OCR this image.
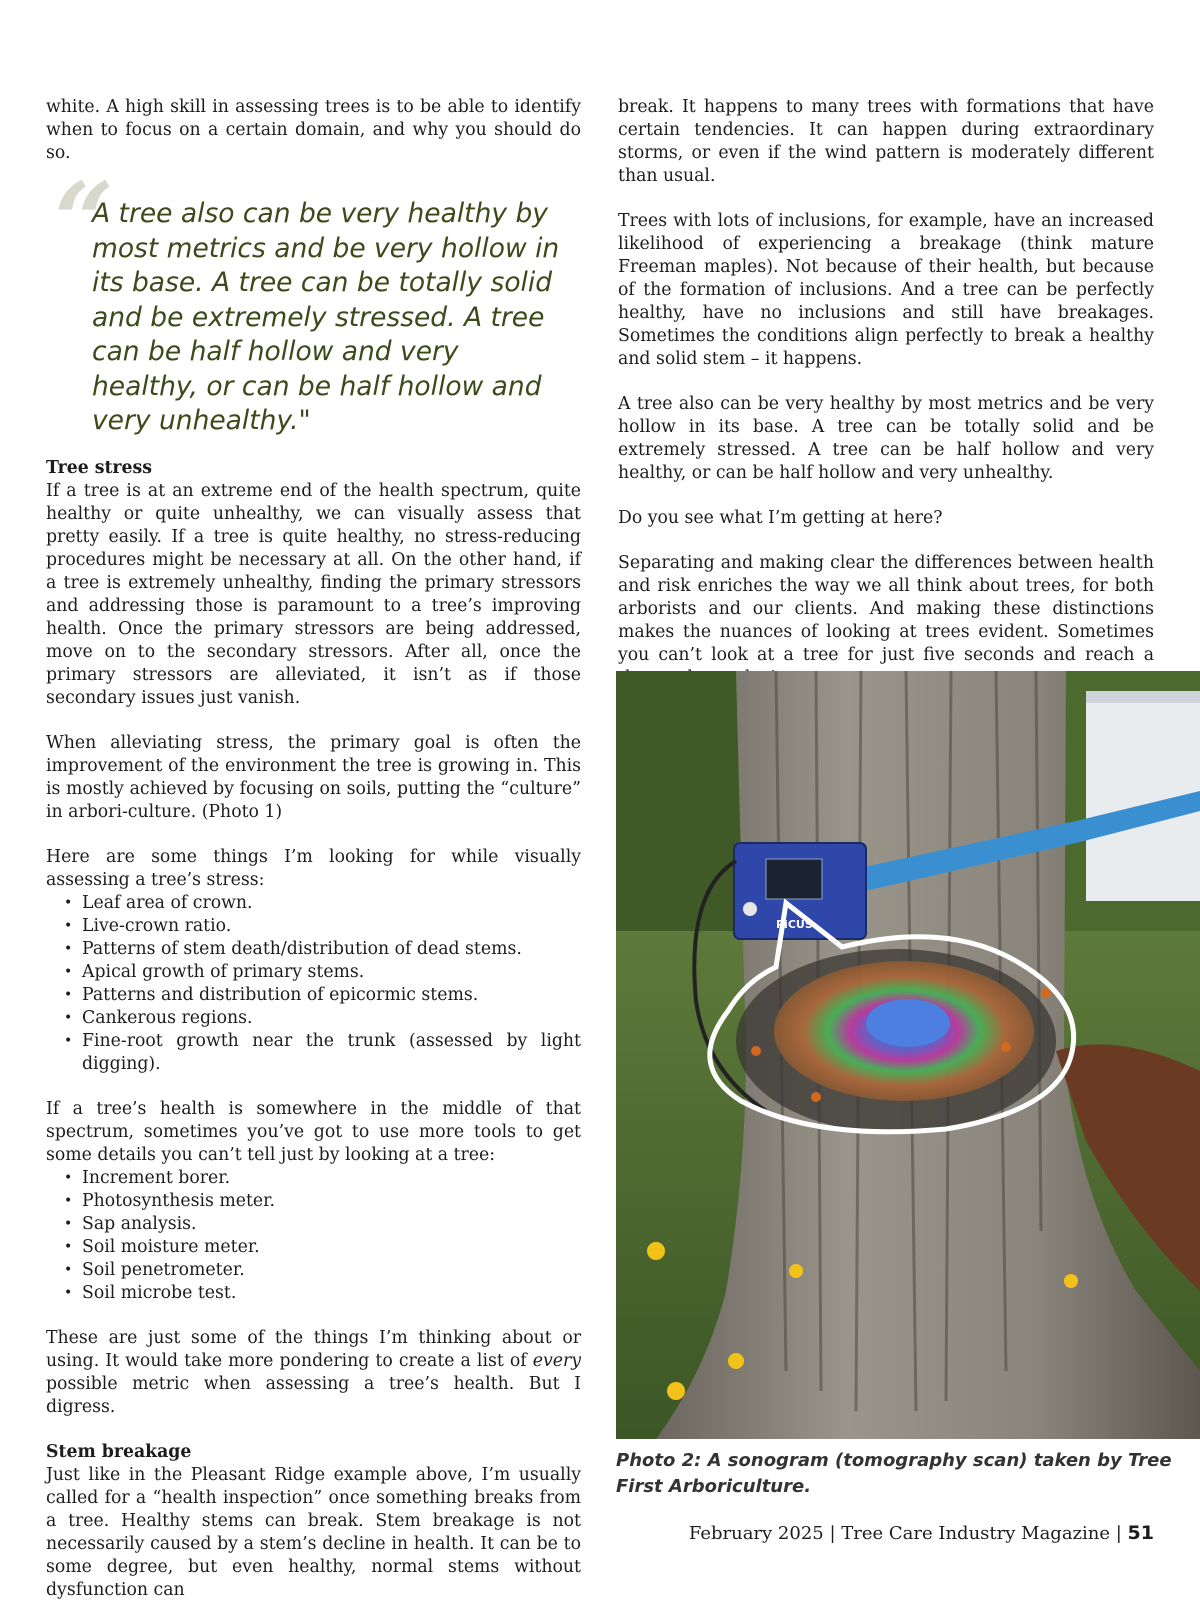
white. A high skill in assessing trees is to be able to identify when to focus on a certain domain, and why you should do so.

“
A tree also can be very healthy by most metrics and be very hollow in its base. A tree can be totally solid and be extremely stressed. A tree can be half hollow and very healthy, or can be half hollow and very unhealthy."

Tree stress
If a tree is at an extreme end of the health spectrum, quite healthy or quite unhealthy, we can visually assess that pretty easily. If a tree is quite healthy, no stress-reducing procedures might be necessary at all. On the other hand, if a tree is extremely unhealthy, finding the primary stressors and addressing those is paramount to a tree’s improving health. Once the primary stressors are being addressed, move on to the secondary stressors. After all, once the primary stressors are alleviated, it isn’t as if those secondary issues just vanish.

When alleviating stress, the primary goal is often the improvement of the environment the tree is growing in. This is mostly achieved by focusing on soils, putting the “culture” in arbori-culture. (Photo 1)

Here are some things I’m looking for while visually assessing a tree’s stress:

• Leaf area of crown.
• Live-crown ratio.
• Patterns of stem death/distribution of dead stems.
• Apical growth of primary stems.
• Patterns and distribution of epicormic stems.
• Cankerous regions.
• Fine-root growth near the trunk (assessed by light digging).

If a tree’s health is somewhere in the middle of that spectrum, sometimes you’ve got to use more tools to get some details you can’t tell just by looking at a tree:

• Increment borer.
• Photosynthesis meter.
• Sap analysis.
• Soil moisture meter.
• Soil penetrometer.
• Soil microbe test.

These are just some of the things I’m thinking about or using. It would take more pondering to create a list of every possible metric when assessing a tree’s health. But I digress.

Stem breakage
Just like in the Pleasant Ridge example above, I’m usually called for a “health inspection” once something breaks from a tree. Healthy stems can break. Stem breakage is not necessarily caused by a stem’s decline in health. It can be to some degree, but even healthy, normal stems without dysfunction can

break. It happens to many trees with formations that have certain tendencies. It can happen during extraordinary storms, or even if the wind pattern is moderately different than usual.

Trees with lots of inclusions, for example, have an increased likelihood of experiencing a breakage (think mature Freeman maples). Not because of their health, but because of the formation of inclusions. And a tree can be perfectly healthy, have no inclusions and still have breakages. Sometimes the conditions align perfectly to break a healthy and solid stem – it happens.

A tree also can be very healthy by most metrics and be very hollow in its base. A tree can be totally solid and be extremely stressed. A tree can be half hollow and very healthy, or can be half hollow and very unhealthy.

Do you see what I’m getting at here?

Separating and making clear the differences between health and risk enriches the way we all think about trees, for both arborists and our clients. And making these distinctions makes the nuances of looking at trees evident. Sometimes you can’t look at a tree for just five seconds and reach a

PiCUS
Photo 2: A sonogram (tomography scan) taken by Tree First Arboriculture.
February 2025 | Tree Care Industry Magazine | 51
